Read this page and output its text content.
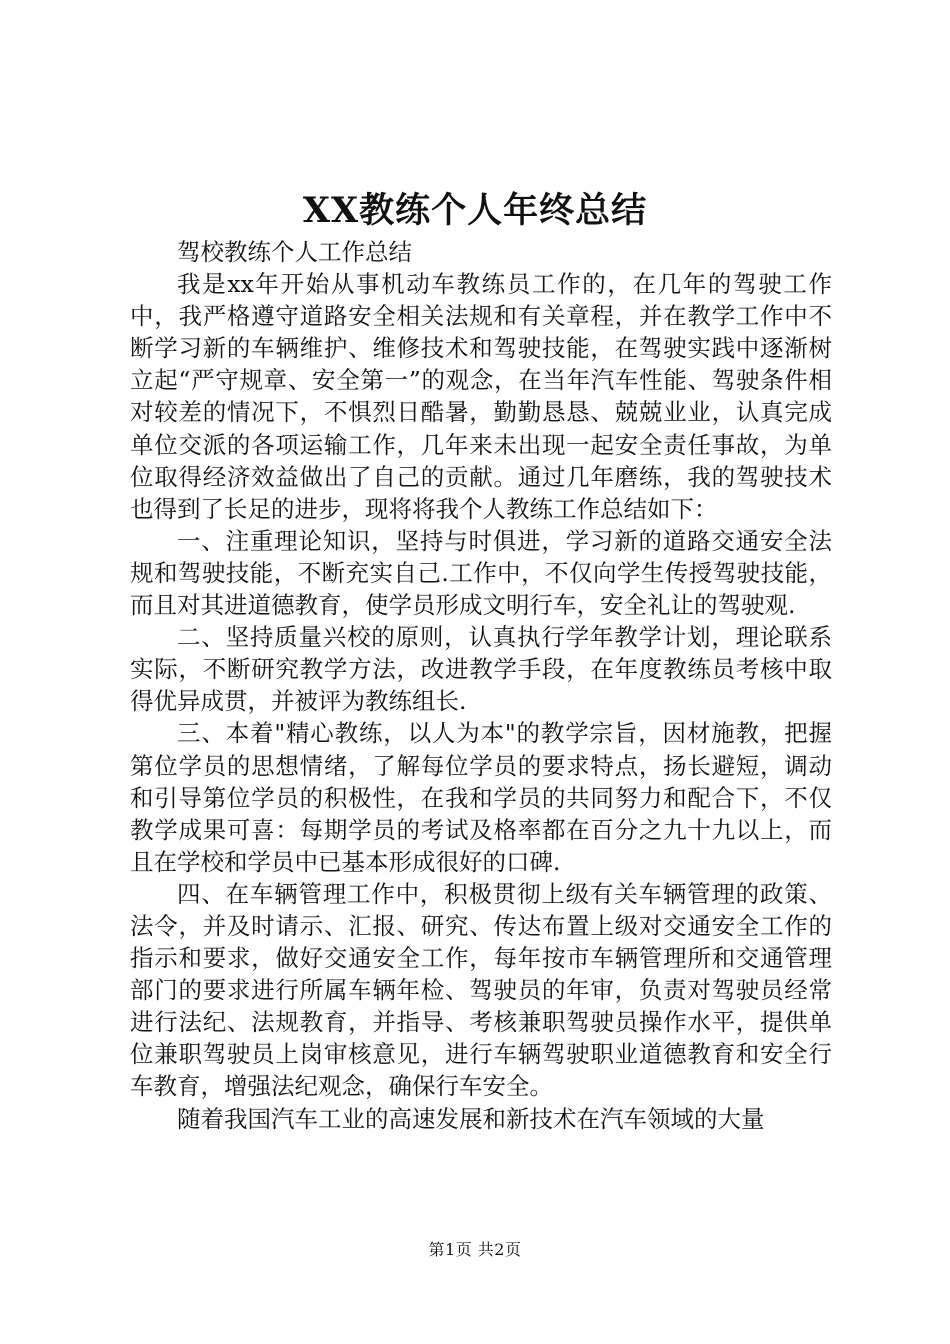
XX教练个人年终总结

驾校教练个人工作总结

我是xx年开始从事机动车教练员工作的，在几年的驾驶工作中，我严格遵守道路安全相关法规和有关章程，并在教学工作中不断学习新的车辆维护、维修技术和驾驶技能，在驾驶实践中逐渐树立起“严守规章、安全第一”的观念，在当年汽车性能、驾驶条件相对较差的情况下，不惧烈日酷暑，勤勤恳恳、兢兢业业，认真完成单位交派的各项运输工作，几年来未出现一起安全责任事故，为单位取得经济效益做出了自己的贡献。通过几年磨练，我的驾驶技术也得到了长足的进步，现将将我个人教练工作总结如下：

一、注重理论知识，坚持与时俱进，学习新的道路交通安全法规和驾驶技能，不断充实自己.工作中，不仅向学生传授驾驶技能，而且对其进道德教育，使学员形成文明行车，安全礼让的驾驶观.

二、坚持质量兴校的原则，认真执行学年教学计划，理论联系实际，不断研究教学方法，改进教学手段，在年度教练员考核中取得优异成贯，并被评为教练组长.

三、本着"精心教练，以人为本"的教学宗旨，因材施教，把握第位学员的思想情绪，了解每位学员的要求特点，扬长避短，调动和引导第位学员的积极性，在我和学员的共同努力和配合下，不仅教学成果可喜：每期学员的考试及格率都在百分之九十九以上，而且在学校和学员中已基本形成很好的口碑.

四、在车辆管理工作中，积极贯彻上级有关车辆管理的政策、法令，并及时请示、汇报、研究、传达布置上级对交通安全工作的指示和要求，做好交通安全工作，每年按市车辆管理所和交通管理部门的要求进行所属车辆年检、驾驶员的年审，负责对驾驶员经常进行法纪、法规教育，并指导、考核兼职驾驶员操作水平，提供单位兼职驾驶员上岗审核意见，进行车辆驾驶职业道德教育和安全行车教育，增强法纪观念，确保行车安全。

随着我国汽车工业的高速发展和新技术在汽车领域的大量

第1页 共2页
